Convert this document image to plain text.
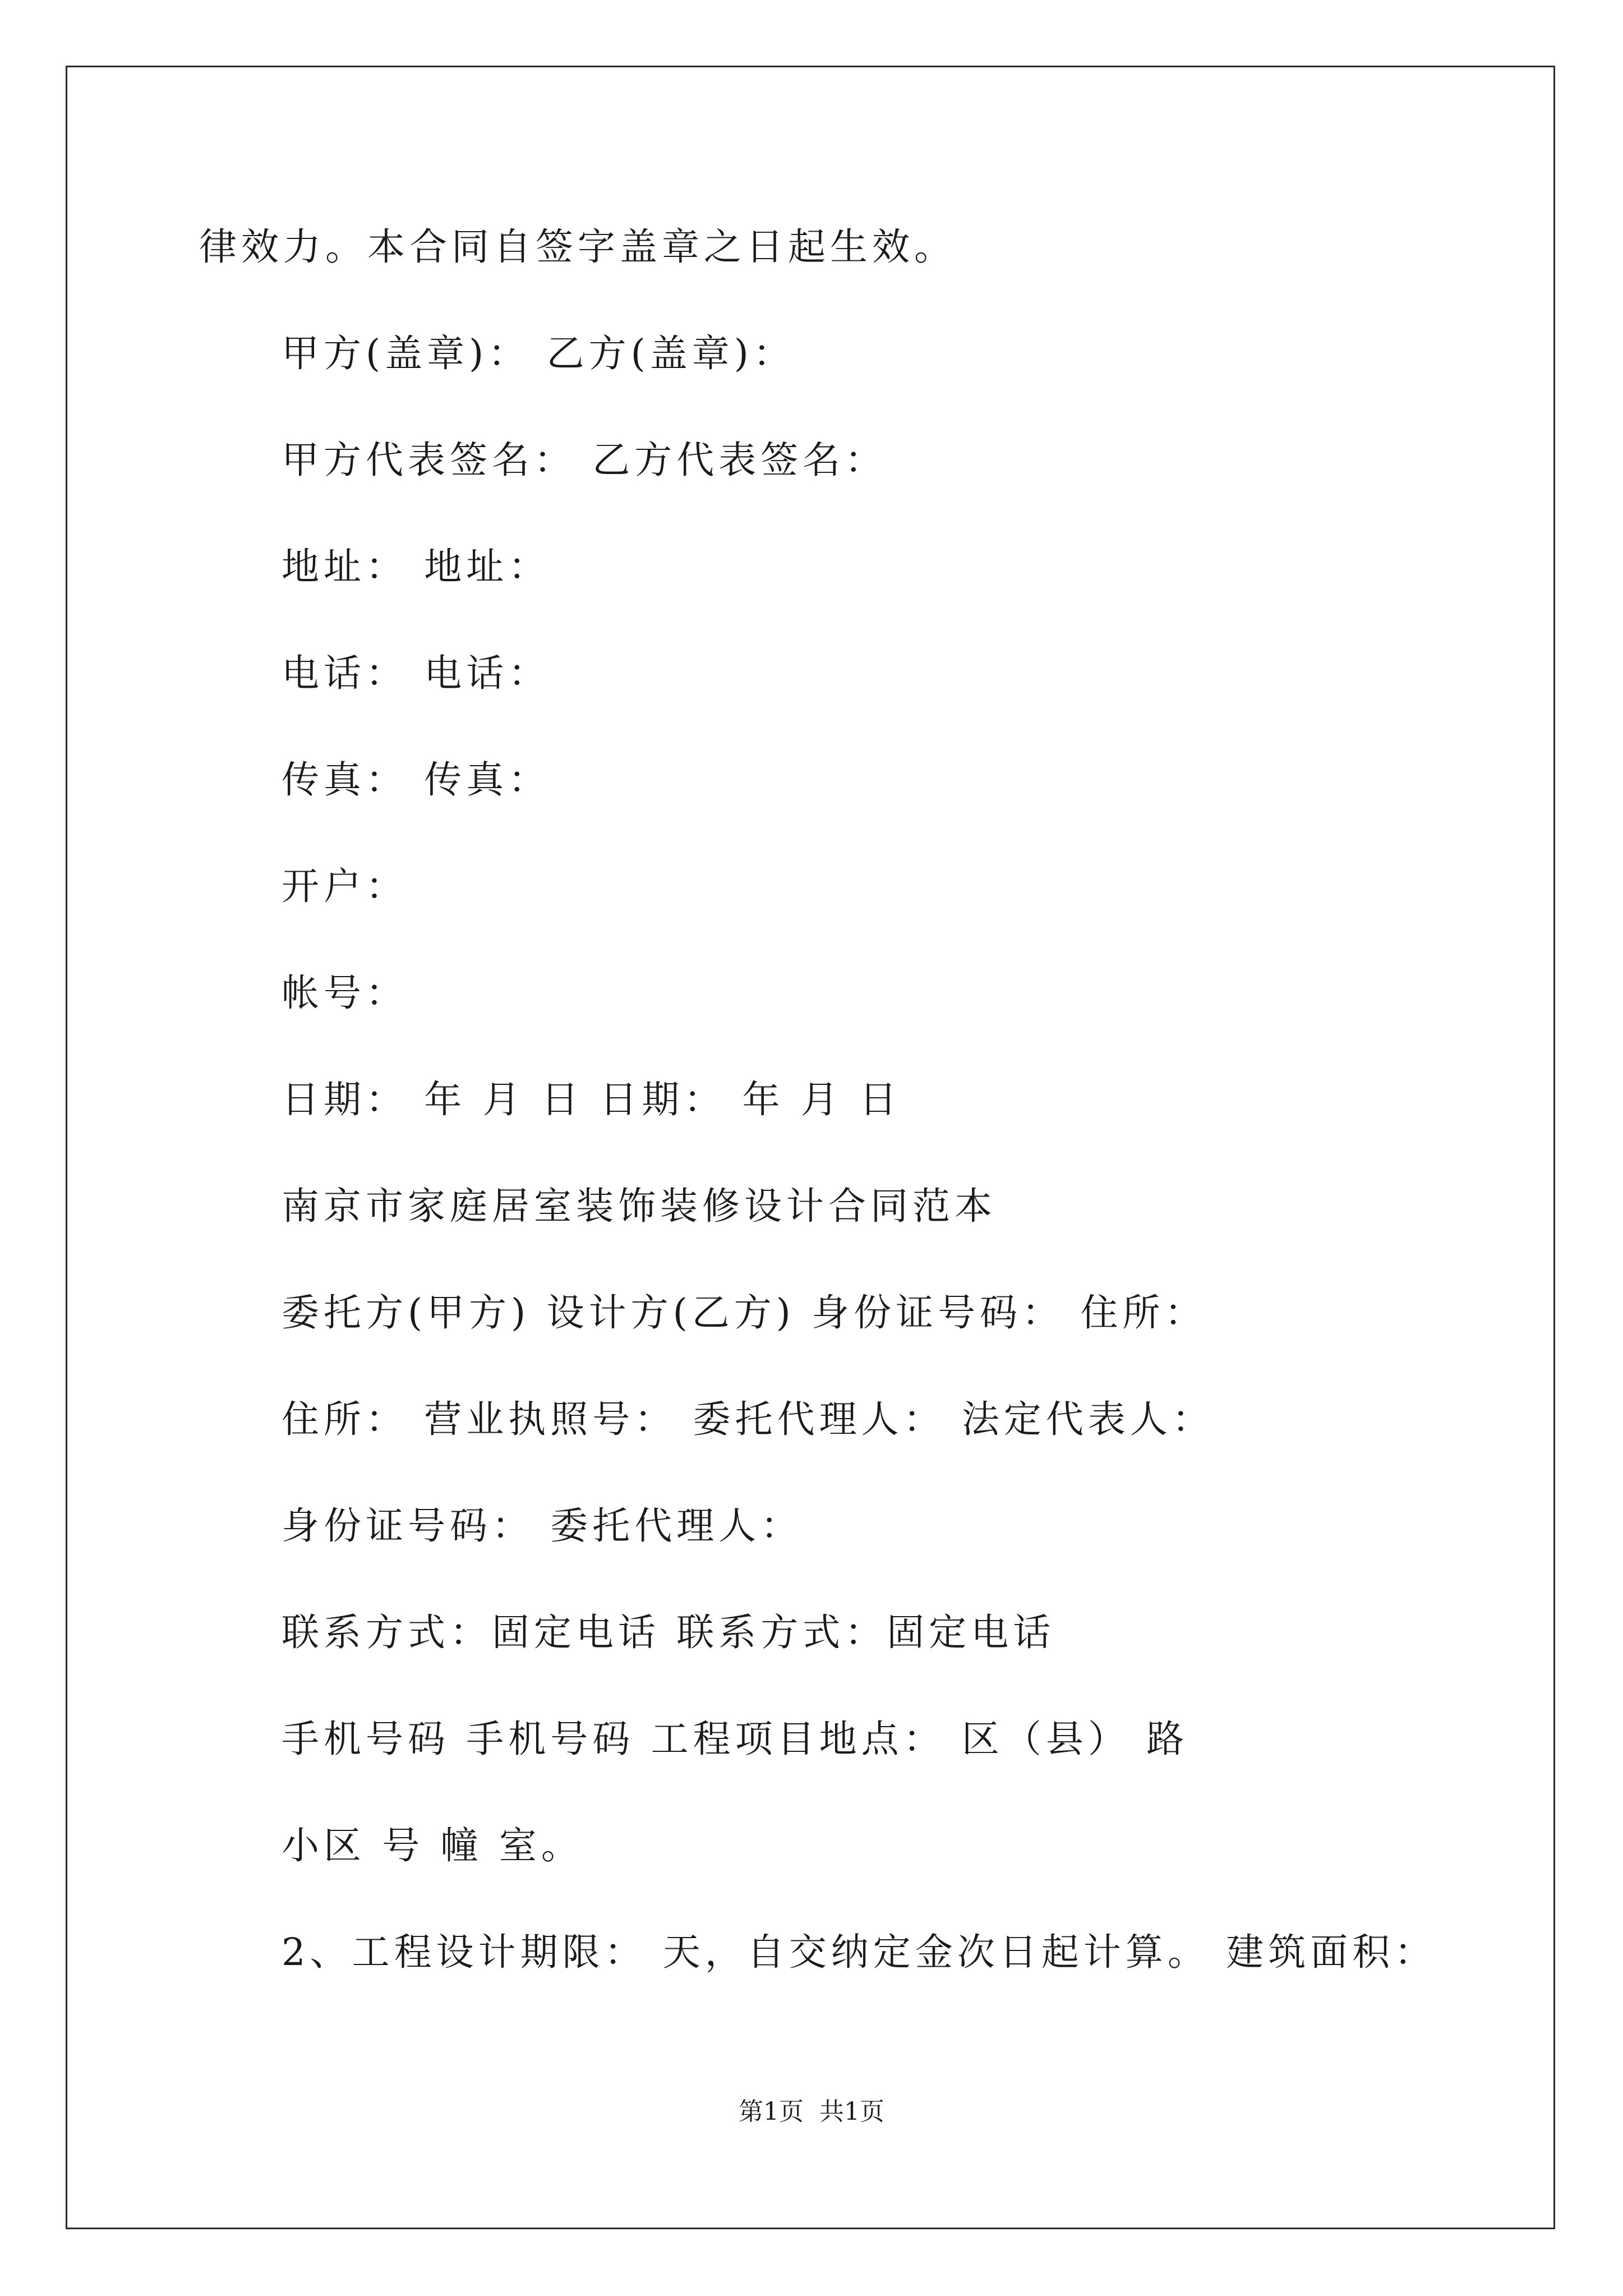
律效力。本合同自签字盖章之日起生效。
甲方(盖章)： 乙方(盖章)：
甲方代表签名： 乙方代表签名：
地址： 地址：
电话： 电话：
传真： 传真：
开户：
帐号：
日期： 年 月 日 日期： 年 月 日
南京市家庭居室装饰装修设计合同范本
委托方(甲方) 设计方(乙方) 身份证号码： 住所：
住所： 营业执照号： 委托代理人： 法定代表人：
身份证号码： 委托代理人：
联系方式：固定电话 联系方式：固定电话
手机号码 手机号码 工程项目地点： 区（县） 路
小区 号 幢 室。
2、工程设计期限： 天，自交纳定金次日起计算。 建筑面积：
第1页  共1页
